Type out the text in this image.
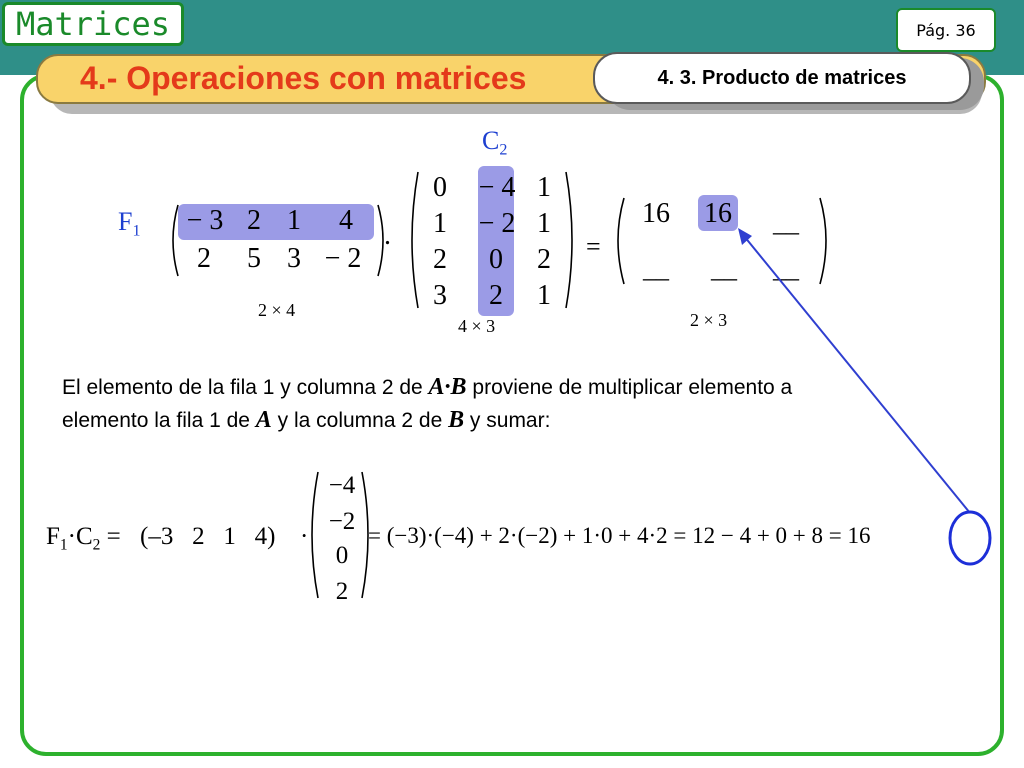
Matrices	Pág. 36
4.- Operaciones con matrices	4. 3. Producto de matrices
$F_1 - 3$ 2 1	4
2	5 3 − 2
2 × 4
.
$C_2$
0	− 4 1
1	− 2 1
2	0	2
3	2	1
4 × 3
=
16 16 __
__ __ __
2 × 3
El elemento de la fila 1 y columna 2 de A·B proviene de multiplicar elemento a
elemento la fila 1 de A y la columna 2 de B y sumar:
$F_1\cdot C_2 = (-3$   2   1   4) ·
−4
−2
0
2
= (−3)·(−4) + 2·(−2) + 1·0 + 4·2 = 12 − 4 + 0 + 8 = 16
